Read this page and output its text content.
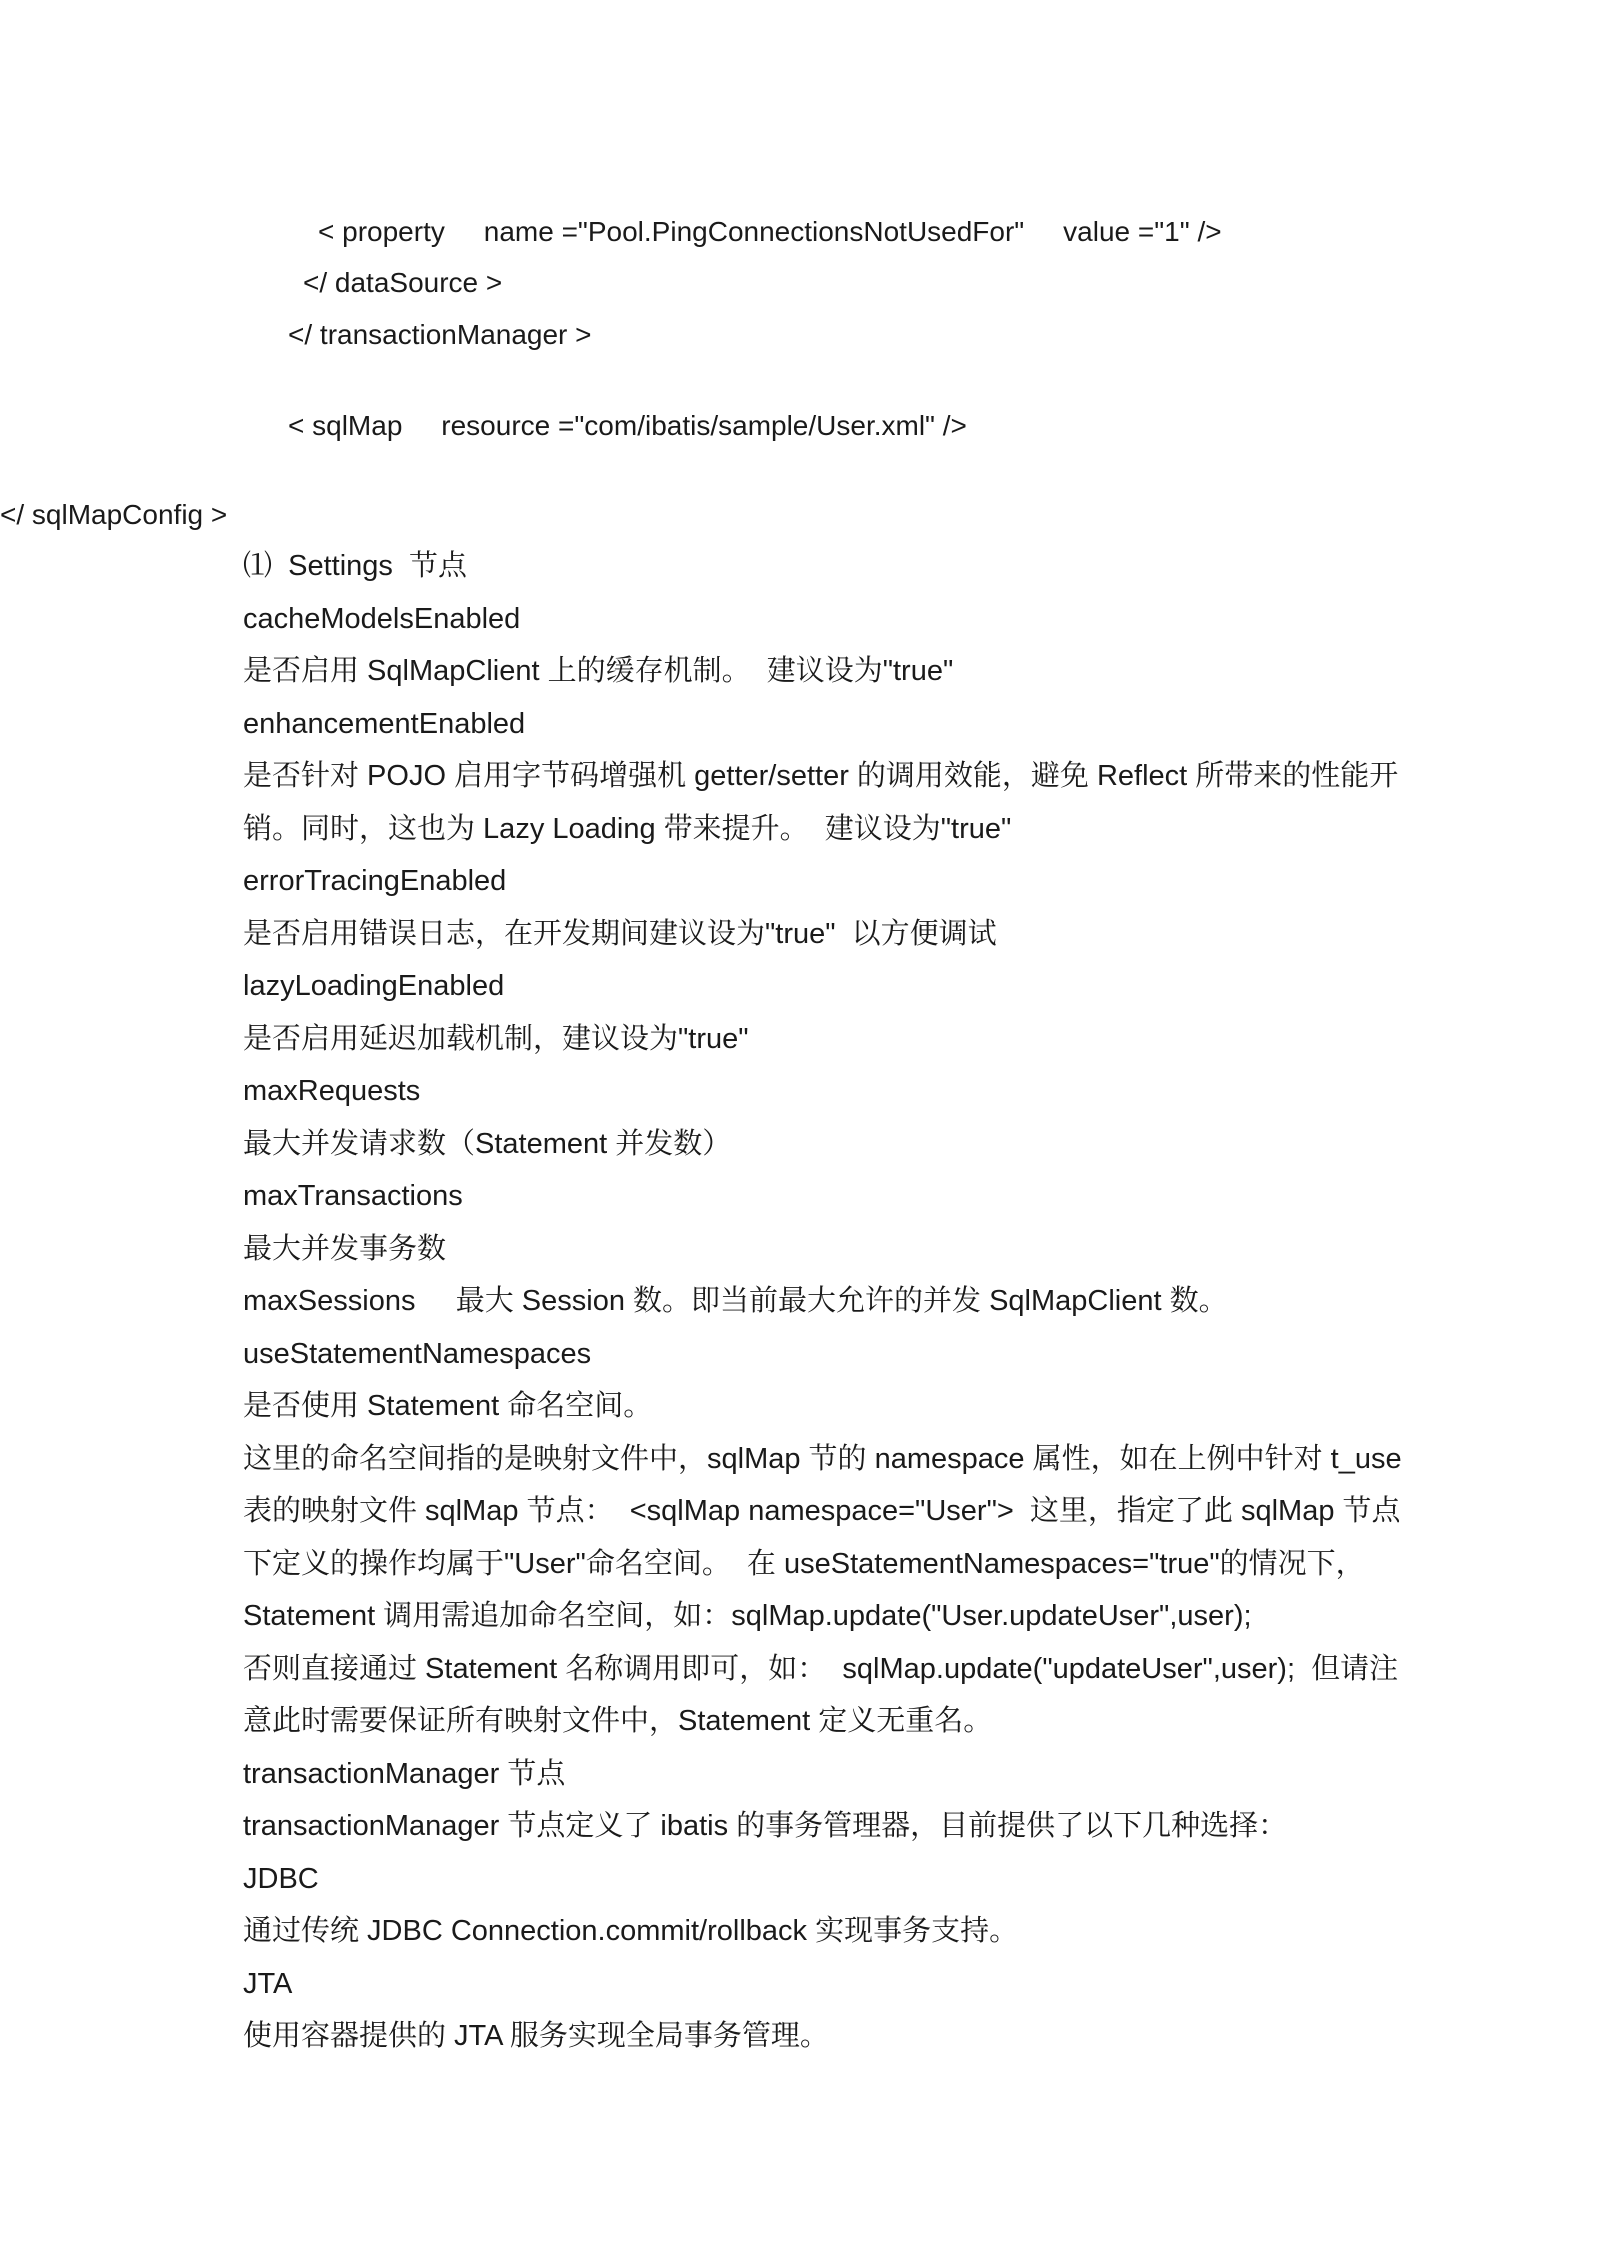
< property     name ="Pool.PingConnectionsNotUsedFor"     value ="1" />
</ dataSource >
</ transactionManager >
< sqlMap     resource ="com/ibatis/sample/User.xml" />
</ sqlMapConfig >
⑴  Settings  节点
cacheModelsEnabled
是否启用 SqlMapClient 上的缓存机制。  建议设为"true"
enhancementEnabled
是否针对 POJO 启用字节码增强机 getter/setter 的调用效能，避免 Reflect 所带来的性能开
销。同时，这也为 Lazy Loading 带来提升。  建议设为"true"
errorTracingEnabled
是否启用错误日志，在开发期间建议设为"true"  以方便调试
lazyLoadingEnabled
是否启用延迟加载机制，建议设为"true"
maxRequests
最大并发请求数（Statement 并发数）
maxTransactions
最大并发事务数
maxSessions     最大 Session 数。即当前最大允许的并发 SqlMapClient 数。
useStatementNamespaces
是否使用 Statement 命名空间。
这里的命名空间指的是映射文件中，sqlMap 节的 namespace 属性，如在上例中针对 t_use
表的映射文件 sqlMap 节点：  <sqlMap namespace="User">  这里，指定了此 sqlMap 节点
下定义的操作均属于"User"命名空间。  在 useStatementNamespaces="true"的情况下，
Statement 调用需追加命名空间，如：sqlMap.update("User.updateUser",user);
否则直接通过 Statement 名称调用即可，如：  sqlMap.update("updateUser",user);  但请注
意此时需要保证所有映射文件中，Statement 定义无重名。
transactionManager 节点
transactionManager 节点定义了 ibatis 的事务管理器，目前提供了以下几种选择：
JDBC
通过传统 JDBC Connection.commit/rollback 实现事务支持。
JTA
使用容器提供的 JTA 服务实现全局事务管理。
